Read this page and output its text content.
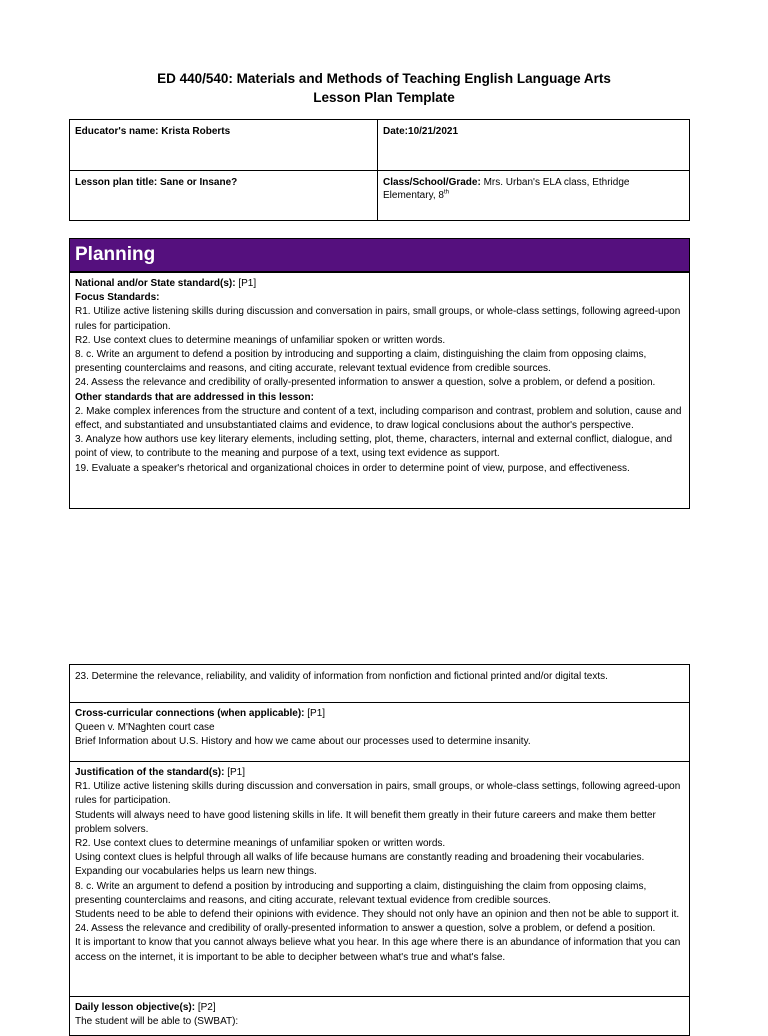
ED 440/540: Materials and Methods of Teaching English Language Arts
Lesson Plan Template
Educator's name: Krista Roberts	Date:10/21/2021
Lesson plan title: Sane or Insane?	Class/School/Grade: Mrs. Urban's ELA class, Ethridge Elementary, 8th
Planning

National and/or State standard(s): [P1]

Focus Standards:

R1. Utilize active listening skills during discussion and conversation in pairs, small groups, or whole-class settings, following agreed-upon rules for participation.

R2. Use context clues to determine meanings of unfamiliar spoken or written words.

8. c. Write an argument to defend a position by introducing and supporting a claim, distinguishing the claim from opposing claims, presenting counterclaims and reasons, and citing accurate, relevant textual evidence from credible sources.

24. Assess the relevance and credibility of orally-presented information to answer a question, solve a problem, or defend a position.

Other standards that are addressed in this lesson:

2. Make complex inferences from the structure and content of a text, including comparison and contrast, problem and solution, cause and effect, and substantiated and unsubstantiated claims and evidence, to draw logical conclusions about the author's perspective.

3. Analyze how authors use key literary elements, including setting, plot, theme, characters, internal and external conflict, dialogue, and point of view, to contribute to the meaning and purpose of a text, using text evidence as support.

19. Evaluate a speaker's rhetorical and organizational choices in order to determine point of view, purpose, and effectiveness.

23. Determine the relevance, reliability, and validity of information from nonfiction and fictional printed and/or digital texts.

Cross-curricular connections (when applicable): [P1]

Queen v. M'Naghten court case

Brief Information about U.S. History and how we came about our processes used to determine insanity.

Justification of the standard(s): [P1]

R1. Utilize active listening skills during discussion and conversation in pairs, small groups, or whole-class settings, following agreed-upon rules for participation.

Students will always need to have good listening skills in life. It will benefit them greatly in their future careers and make them better problem solvers.

R2. Use context clues to determine meanings of unfamiliar spoken or written words.

Using context clues is helpful through all walks of life because humans are constantly reading and broadening their vocabularies. Expanding our vocabularies helps us learn new things.

8. c. Write an argument to defend a position by introducing and supporting a claim, distinguishing the claim from opposing claims, presenting counterclaims and reasons, and citing accurate, relevant textual evidence from credible sources.

Students need to be able to defend their opinions with evidence. They should not only have an opinion and then not be able to support it.

24. Assess the relevance and credibility of orally-presented information to answer a question, solve a problem, or defend a position.

It is important to know that you cannot always believe what you hear. In this age where there is an abundance of information that you can access on the internet, it is important to be able to decipher between what's true and what's false.

Daily lesson objective(s): [P2]

The student will be able to (SWBAT):
